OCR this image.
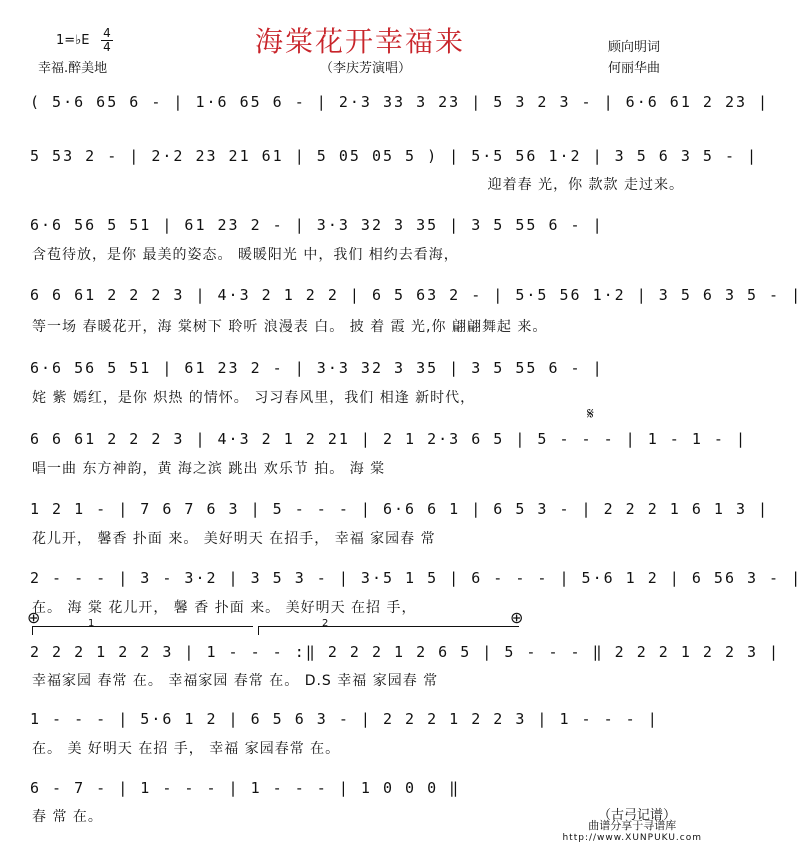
海棠花开幸福来
1=♭E 4
4
幸福.醉美地	（李庆芳演唱）
顾向明词
何丽华曲
( 5·6 65 6 - | 1·6 65 6 - | 2·3 33 3 23 | 5 3 2 3 - | 6·6 61 2 23 |
5 53 2 - | 2·2 23 21 61 | 5 05 05 5 ) | 5·5 56 1·2 | 3 5 6 3 5 - |
迎着春 光，你 款款 走过来。
6·6 56 5 51 | 61 23 2 - | 3·3 32 3 35 | 3 5 55 6 - |
含苞待放，是你 最美的姿态。 暖暖阳光 中，我们 相约去看海，
6 6 61 2 2 2 3 | 4·3 2 1 2 2 | 6 5 63 2 - | 5·5 56 1·2 | 3 5 6 3 5 - |
等一场 春暖花开，海 棠树下 聆听 浪漫表 白。 披 着 霞 光,你 翩翩舞起 来。
6·6 56 5 51 | 61 23 2 - | 3·3 32 3 35 | 3 5 55 6 - |
姹 紫 嫣红，是你 炽热 的情怀。 习习春风里，我们 相逢 新时代，
𝄋
6 6 61 2 2 2 3 | 4·3 2 1 2 21 | 2 1 2·3 6 5 | 5 - - - | 1 - 1 - |
唱一曲 东方神韵，黄 海之滨 跳出 欢乐节 拍。 海 棠
1 2 1 - | 7 6 7 6 3 | 5 - - - | 6·6 6 1 | 6 5 3 - | 2 2 2 1 6 1 3 |
花儿开， 馨香 扑面 来。 美好明天 在招手， 幸福 家园春 常
2 - - - | 3 - 3·2 | 3 5 3 - | 3·5 1 5 | 6 - - - | 5·6 1 2 | 6 56 3 - |
在。 海 棠 花儿开， 馨 香 扑面 来。 美好明天 在招 手，
⊕	⊕
1	2
2 2 2 1 2 2 3 | 1 - - - :‖ 2 2 2 1 2 6 5 | 5 - - - ‖ 2 2 2 1 2 2 3 |
幸福家园 春常 在。 幸福家园 春常 在。 D.S 幸福 家园春 常
1 - - - | 5·6 1 2 | 6 5 6 3 - | 2 2 2 1 2 2 3 | 1 - - - |
在。 美 好明天 在招 手， 幸福 家园春常 在。
6 - 7 - | 1 - - - | 1 - - - | 1 0 0 0 ‖
春 常 在。	（古弓记谱）
曲谱分享于寻谱库
http://www.XUNPUKU.com
